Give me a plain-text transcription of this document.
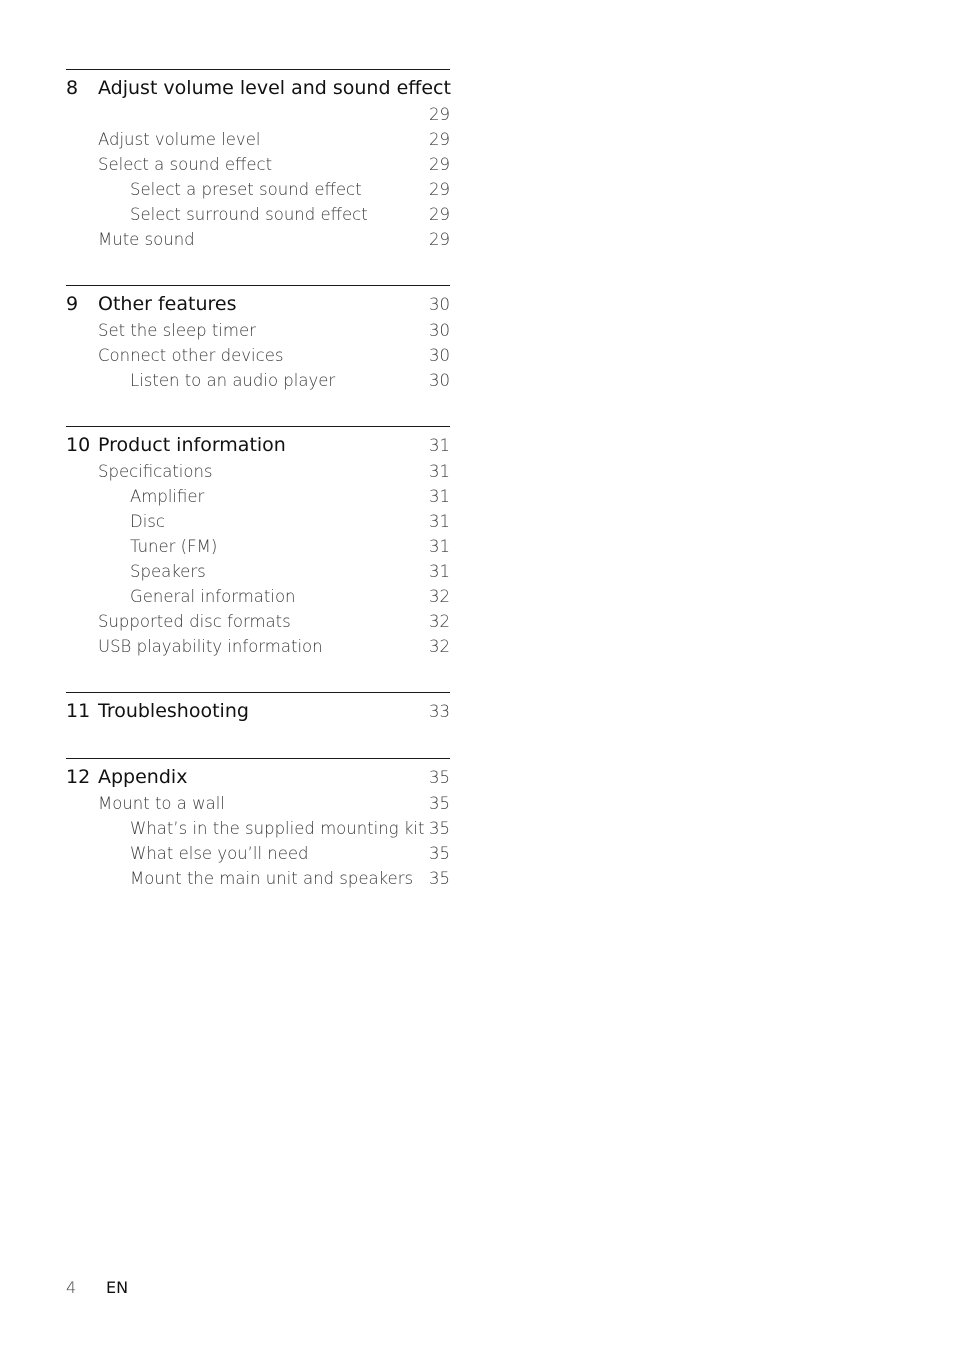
8	Adjust volume level and sound effect
29
Adjust volume level	29
Select a sound effect	29
Select a preset sound effect	29
Select surround sound effect	29
Mute sound	29
9	Other features	30
Set the sleep timer	30
Connect other devices	30
Listen to an audio player	30
10 Product information	31
Specifications	31
Amplifier	31
Disc	31
Tuner (FM)	31
Speakers	31
General information	32
Supported disc formats	32
USB playability information	32
11 Troubleshooting	33
12 Appendix	35
Mount to a wall	35
What’s in the supplied mounting kit 35
What else you’ll need	35
Mount the main unit and speakers 35
4	EN
